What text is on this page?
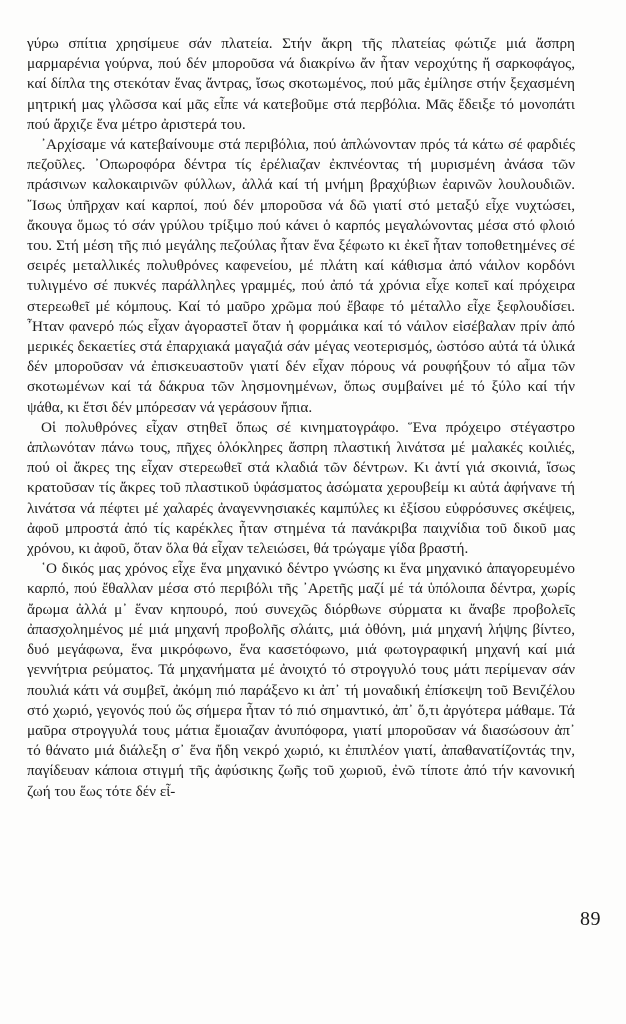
γύρω σπίτια χρησίμευε σάν πλατεία. Στήν ἄκρη τῆς πλατείας φώτιζε μιά ἄσπρη μαρμαρένια γούρνα, πού δέν μποροῦσα νά διακρίνω ἄν ἦταν νεροχύτης ἤ σαρκοφάγος, καί δίπλα της στεκόταν ἕνας ἄντρας, ἴσως σκοτωμένος, πού μᾶς ἐμίλησε στήν ξεχασμένη μητρική μας γλῶσσα καί μᾶς εἶπε νά κατεβοῦμε στά περβόλια. Μᾶς ἔδειξε τό μονοπάτι πού ἄρχιζε ἕνα μέτρο ἀριστερά του.

᾿Αρχίσαμε νά κατεβαίνουμε στά περιβόλια, πού ἁπλώνονταν πρός τά κάτω σέ φαρδιές πεζοῦλες. ᾿Οπωροφόρα δέντρα τίς ἐρέλιαζαν ἐκπνέοντας τή μυρισμένη ἀνάσα τῶν πράσινων καλοκαιρινῶν φύλλων, ἀλλά καί τή μνήμη βραχύβιων ἐαρινῶν λουλουδιῶν. ῎Ισως ὑπῆρχαν καί καρποί, πού δέν μποροῦσα νά δῶ γιατί στό μεταξύ εἶχε νυχτώσει, ἄκουγα ὅμως τό σάν γρύλου τρίξιμο πού κάνει ὁ καρπός μεγαλώνοντας μέσα στό φλοιό του. Στή μέση τῆς πιό μεγάλης πεζούλας ἦταν ἕνα ξέφωτο κι ἐκεῖ ἦταν τοποθετημένες σέ σειρές μεταλλικές πολυθρόνες καφενείου, μέ πλάτη καί κάθισμα ἀπό νάιλον κορδόνι τυλιγμένο σέ πυκνές παράλληλες γραμμές, πού ἀπό τά χρόνια εἶχε κοπεῖ καί πρόχειρα στερεωθεῖ μέ κόμπους. Καί τό μαῦρο χρῶμα πού ἔβαφε τό μέταλλο εἶχε ξεφλουδίσει. ῏Ηταν φανερό πώς εἶχαν ἀγοραστεῖ ὅταν ἡ φορμάικα καί τό νάιλον εἰσέβαλαν πρίν ἀπό μερικές δεκαετίες στά ἐπαρχιακά μαγαζιά σάν μέγας νεοτερισμός, ὡστόσο αὐτά τά ὑλικά δέν μποροῦσαν νά ἐπισκευαστοῦν γιατί δέν εἶχαν πόρους νά ρουφήξουν τό αἷμα τῶν σκοτωμένων καί τά δάκρυα τῶν λησμονημένων, ὅπως συμβαίνει μέ τό ξύλο καί τήν ψάθα, κι ἔτσι δέν μπόρεσαν νά γεράσουν ἤπια.

Οἱ πολυθρόνες εἶχαν στηθεῖ ὅπως σέ κινηματογράφο. Ἕνα πρόχειρο στέγαστρο ἁπλωνόταν πάνω τους, πῆχες ὁλόκληρες ἄσπρη πλαστική λινάτσα μέ μαλακές κοιλιές, πού οἱ ἄκρες της εἶχαν στερεωθεῖ στά κλαδιά τῶν δέντρων. Κι ἀντί γιά σκοινιά, ἴσως κρατοῦσαν τίς ἄκρες τοῦ πλαστικοῦ ὑφάσματος ἀσώματα χερουβείμ κι αὐτά ἀφήνανε τή λινάτσα νά πέφτει μέ χαλαρές ἀναγεννησιακές καμπύλες κι ἐξίσου εὐφρόσυνες σκέψεις, ἀφοῦ μπροστά ἀπό τίς καρέκλες ἦταν στημένα τά πανάκριβα παιχνίδια τοῦ δικοῦ μας χρόνου, κι ἀφοῦ, ὅταν ὅλα θά εἶχαν τελειώσει, θά τρώγαμε γίδα βραστή.

῾Ο δικός μας χρόνος εἶχε ἕνα μηχανικό δέντρο γνώσης κι ἕνα μηχανικό ἀπαγορευμένο καρπό, πού ἔθαλλαν μέσα στό περιβόλι τῆς ᾿Αρετῆς μαζί μέ τά ὑπόλοιπα δέντρα, χωρίς ἄρωμα ἀλλά μ᾿ ἕναν κηπουρό, πού συνεχῶς διόρθωνε σύρματα κι ἄναβε προβολεῖς ἀπασχολημένος μέ μιά μηχανή προβολῆς σλάιτς, μιά ὀθόνη, μιά μηχανή λήψης βίντεο, δυό μεγάφωνα, ἕνα μικρόφωνο, ἕνα κασετόφωνο, μιά φωτογραφική μηχανή καί μιά γεννήτρια ρεύματος. Τά μηχανήματα μέ ἀνοιχτό τό στρογγυλό τους μάτι περίμεναν σάν πουλιά κάτι νά συμβεῖ, ἀκόμη πιό παράξενο κι ἀπ᾿ τή μοναδική ἐπίσκεψη τοῦ Βενιζέλου στό χωριό, γεγονός πού ὥς σήμερα ἦταν τό πιό σημαντικό, ἀπ᾿ ὅ,τι ἀργότερα μάθαμε. Τά μαῦρα στρογγυλά τους μάτια ἔμοιαζαν ἀνυπόφορα, γιατί μποροῦσαν νά διασώσουν ἀπ᾿ τό θάνατο μιά διάλεξη σ᾿ ἕνα ἤδη νεκρό χωριό, κι ἐπιπλέον γιατί, ἀπαθανατίζοντάς την, παγίδευαν κάποια στιγμή τῆς ἀφύσικης ζωῆς τοῦ χωριοῦ, ἐνῶ τίποτε ἀπό τήν κανονική ζωή του ἕως τότε δέν εἶ-

89
